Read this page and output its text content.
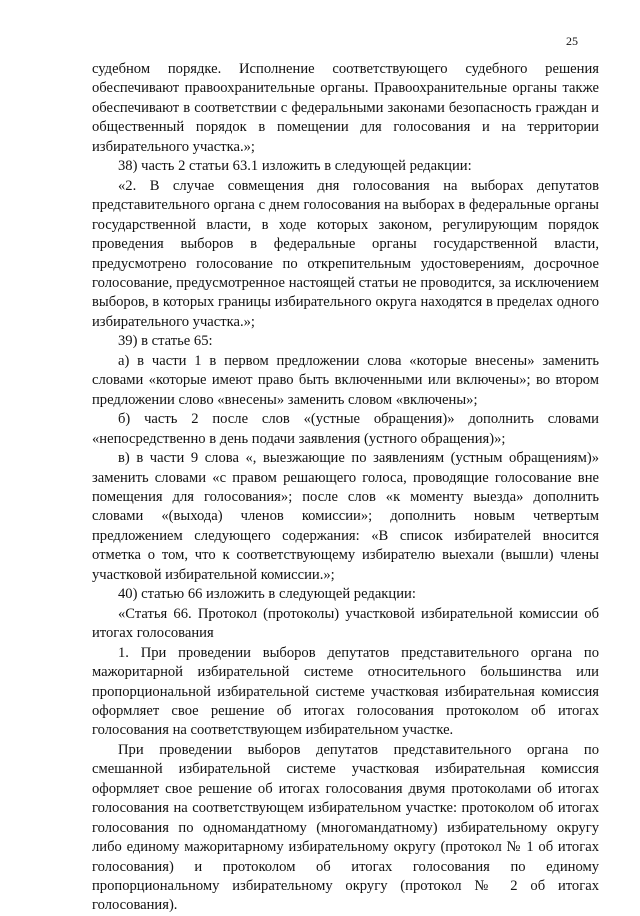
25

судебном порядке. Исполнение соответствующего судебного решения обеспечивают правоохранительные органы. Правоохранительные органы также обеспечивают в соответствии с федеральными законами безопасность граждан и общественный порядок в помещении для голосования и на территории избирательного участка.»;

38) часть 2 статьи 63.1 изложить в следующей редакции:

«2. В случае совмещения дня голосования на выборах депутатов представительного органа с днем голосования на выборах в федеральные органы государственной власти, в ходе которых законом, регулирующим порядок проведения выборов в федеральные органы государственной власти, предусмотрено голосование по открепительным удостоверениям, досрочное голосование, предусмотренное настоящей статьи не проводится, за исключением выборов, в которых границы избирательного округа находятся в пределах одного избирательного участка.»;

39) в статье 65:

а) в части 1 в первом предложении слова «которые внесены» заменить словами «которые имеют право быть включенными или включены»; во втором предложении слово «внесены» заменить словом «включены»;

б) часть 2 после слов «(устные обращения)» дополнить словами «непосредственно в день подачи заявления (устного обращения)»;

в) в части 9 слова «, выезжающие по заявлениям (устным обращениям)» заменить словами «с правом решающего голоса, проводящие голосование вне помещения для голосования»; после слов «к моменту выезда» дополнить словами «(выхода) членов комиссии»; дополнить новым четвертым предложением следующего содержания: «В список избирателей вносится отметка о том, что к соответствующему избирателю выехали (вышли) члены участковой избирательной комиссии.»;

40) статью 66 изложить в следующей редакции:

«Статья 66. Протокол (протоколы) участковой избирательной комиссии об итогах голосования

1. При проведении выборов депутатов представительного органа по мажоритарной избирательной системе относительного большинства или пропорциональной избирательной системе участковая избирательная комиссия оформляет свое решение об итогах голосования протоколом об итогах голосования на соответствующем избирательном участке.

При проведении выборов депутатов представительного органа по смешанной избирательной системе участковая избирательная комиссия оформляет свое решение об итогах голосования двумя протоколами об итогах голосования на соответствующем избирательном участке: протоколом об итогах голосования по одномандатному (многомандатному) избирательному округу либо единому мажоритарному избирательному округу (протокол № 1 об итогах голосования) и протоколом об итогах голосования по единому пропорциональному избирательному округу (протокол № 2 об итогах голосования).
